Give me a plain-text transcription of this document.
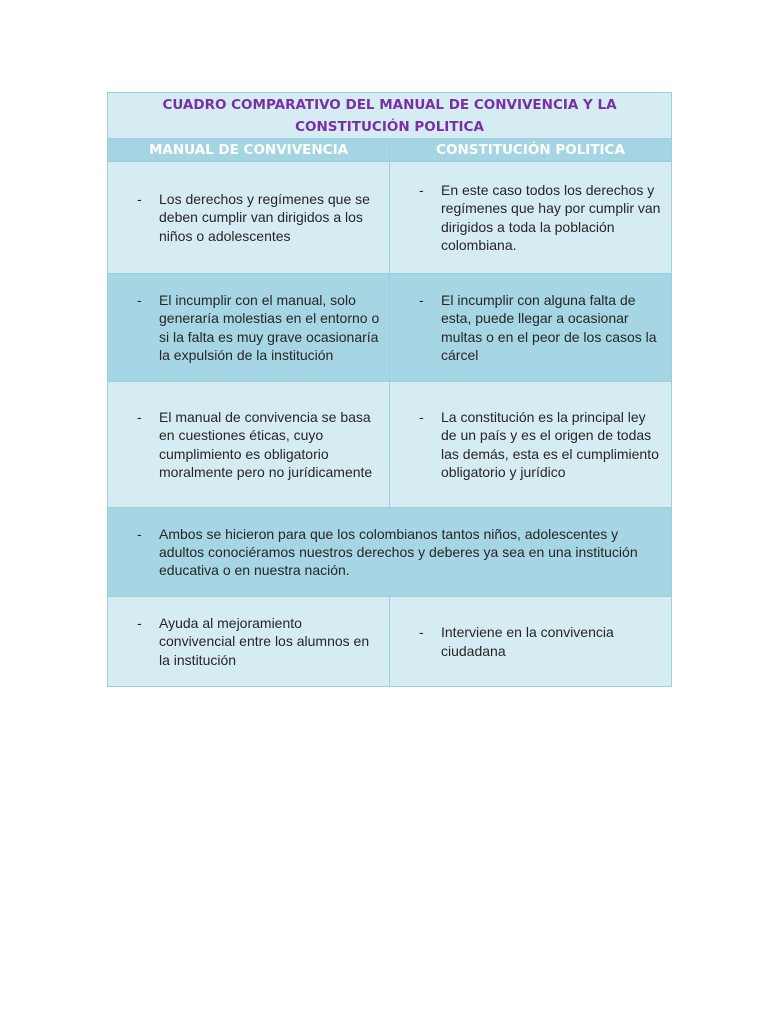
CUADRO COMPARATIVO DEL MANUAL DE CONVIVENCIA Y LA CONSTITUCIÓN POLITICA	
MANUAL DE CONVIVENCIA	CONSTITUCIÓN POLITICA

- Los derechos y regímenes que se deben cumplir van dirigidos a los niños o adolescentes	- En este caso todos los derechos y regímenes que hay por cumplir van dirigidos a toda la población colombiana.

- El incumplir con el manual, solo generaría molestias en el entorno o si la falta es muy grave ocasionaría la expulsión de la institución	- El incumplir con alguna falta de esta, puede llegar a ocasionar multas o en el peor de los casos la cárcel

- El manual de convivencia se basa en cuestiones éticas, cuyo cumplimiento es obligatorio moralmente pero no jurídicamente	- La constitución es la principal ley de un país y es el origen de todas las demás, esta es el cumplimiento obligatorio y jurídico

- Ambos se hicieron para que los colombianos tantos niños, adolescentes y adultos conociéramos nuestros derechos y deberes ya sea en una institución educativa o en nuestra nación.	

- Ayuda al mejoramiento convivencial entre los alumnos en la institución	- Interviene en la convivencia ciudadana
